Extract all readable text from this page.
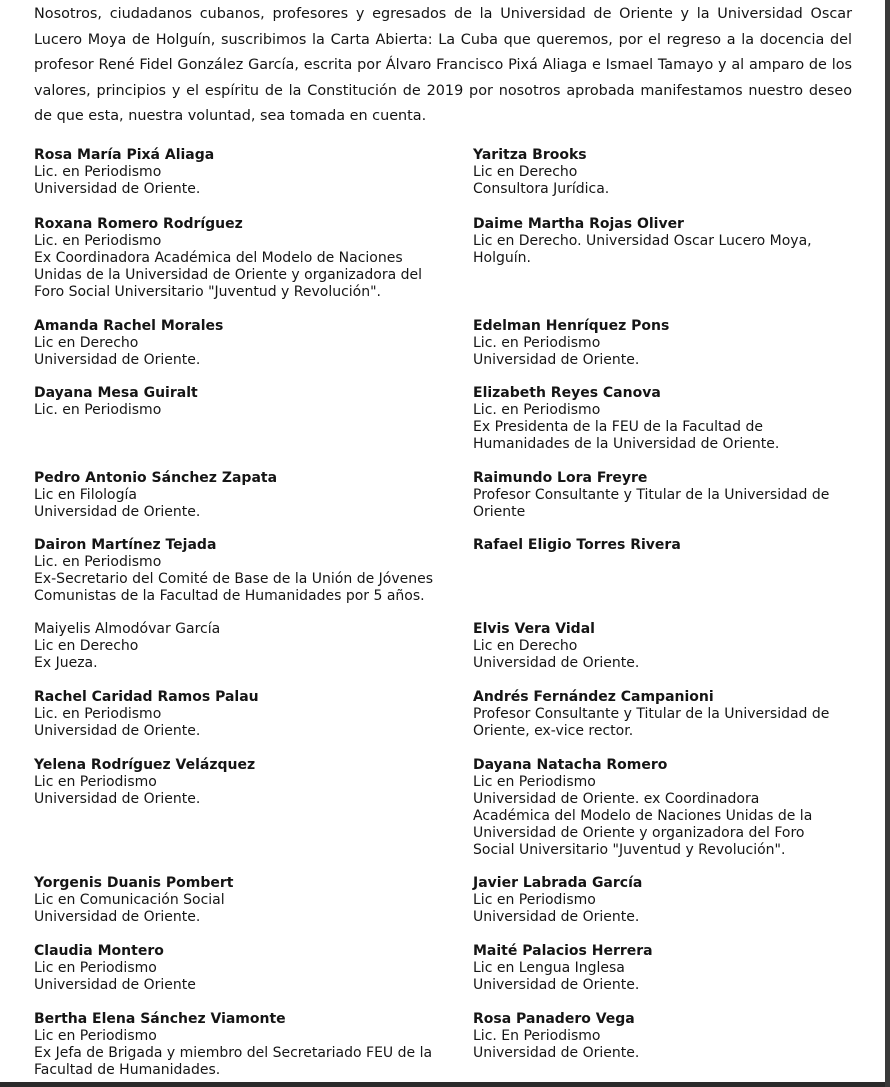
Nosotros, ciudadanos cubanos, profesores y egresados de la Universidad de Oriente y la Universidad Oscar Lucero Moya de Holguín, suscribimos la Carta Abierta: La Cuba que queremos, por el regreso a la docencia del profesor René Fidel González García, escrita por Álvaro Francisco Pixá Aliaga e Ismael Tamayo y al amparo de los valores, principios y el espíritu de la Constitución de 2019 por nosotros aprobada manifestamos nuestro deseo de que esta, nuestra voluntad, sea tomada en cuenta.

Rosa María Pixá Aliaga
Lic. en Periodismo
Universidad de Oriente.
Yaritza Brooks
Lic en Derecho
Consultora Jurídica.
Roxana Romero Rodríguez
Lic. en Periodismo
Ex Coordinadora Académica del Modelo de Naciones
Unidas de la Universidad de Oriente y organizadora del
Foro Social Universitario "Juventud y Revolución".
Daime Martha Rojas Oliver
Lic en Derecho. Universidad Oscar Lucero Moya,
Holguín.
Amanda Rachel Morales
Lic en Derecho
Universidad de Oriente.
Edelman Henríquez Pons
Lic. en Periodismo
Universidad de Oriente.
Dayana Mesa Guiralt
Lic. en Periodismo
Elizabeth Reyes Canova
Lic. en Periodismo
Ex Presidenta de la FEU de la Facultad de
Humanidades de la Universidad de Oriente.
Pedro Antonio Sánchez Zapata
Lic en Filología
Universidad de Oriente.
Raimundo Lora Freyre
Profesor Consultante y Titular de la Universidad de
Oriente
Dairon Martínez Tejada
Lic. en Periodismo
Ex-Secretario del Comité de Base de la Unión de Jóvenes
Comunistas de la Facultad de Humanidades por 5 años.
Rafael Eligio Torres Rivera
Maiyelis Almodóvar García
Lic en Derecho
Ex Jueza.
Elvis Vera Vidal
Lic en Derecho
Universidad de Oriente.
Rachel Caridad Ramos Palau
Lic. en Periodismo
Universidad de Oriente.
Andrés Fernández Campanioni
Profesor Consultante y Titular de la Universidad de
Oriente, ex-vice rector.
Yelena Rodríguez Velázquez
Lic en Periodismo
Universidad de Oriente.
Dayana Natacha Romero
Lic en Periodismo
Universidad de Oriente. ex Coordinadora
Académica del Modelo de Naciones Unidas de la
Universidad de Oriente y organizadora del Foro
Social Universitario "Juventud y Revolución".
Yorgenis Duanis Pombert
Lic en Comunicación Social
Universidad de Oriente.
Javier Labrada García
Lic en Periodismo
Universidad de Oriente.
Claudia Montero
Lic en Periodismo
Universidad de Oriente
Maité Palacios Herrera
Lic en Lengua Inglesa
Universidad de Oriente.
Bertha Elena Sánchez Viamonte
Lic en Periodismo
Ex Jefa de Brigada y miembro del Secretariado FEU de la
Facultad de Humanidades.
Rosa Panadero Vega
Lic. En Periodismo
Universidad de Oriente.
